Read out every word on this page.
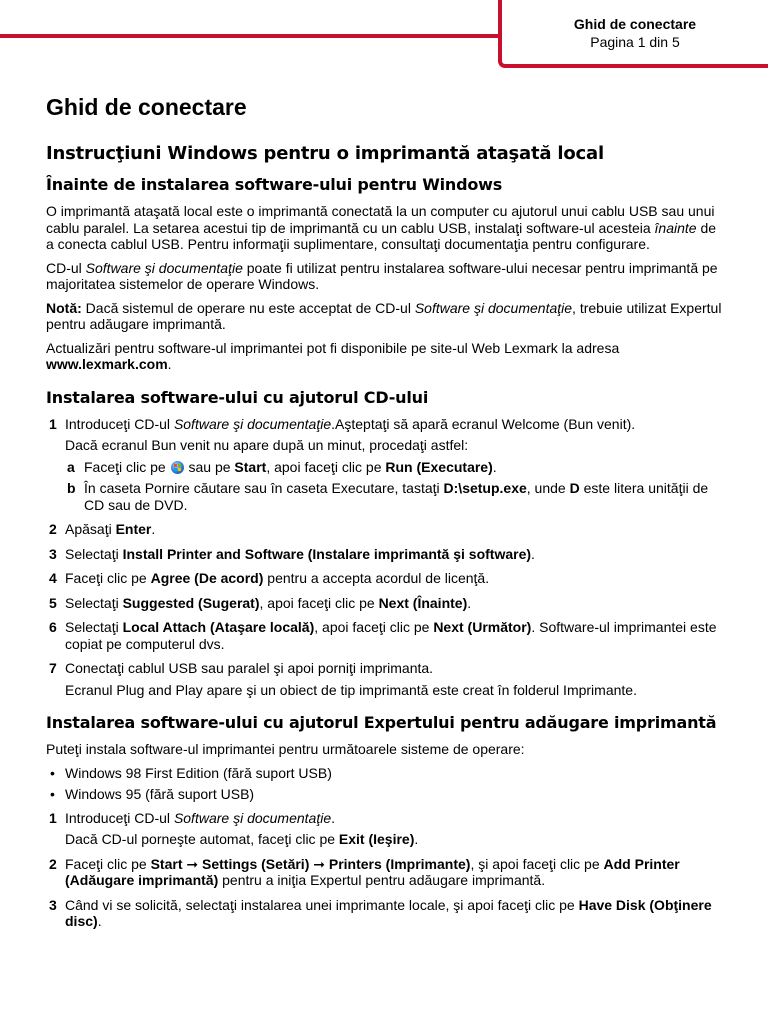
Ghid de conectare
Pagina 1 din 5
Ghid de conectare
Instrucţiuni Windows pentru o imprimantă ataşată local
Înainte de instalarea software-ului pentru Windows

O imprimantă ataşată local este o imprimantă conectată la un computer cu ajutorul unui cablu USB sau unui cablu paralel. La setarea acestui tip de imprimantă cu un cablu USB, instalaţi software-ul acesteia înainte de a conecta cablul USB. Pentru informaţii suplimentare, consultaţi documentaţia pentru configurare.

CD-ul Software şi documentaţie poate fi utilizat pentru instalarea software-ului necesar pentru imprimantă pe majoritatea sistemelor de operare Windows.

Notă: Dacă sistemul de operare nu este acceptat de CD-ul Software şi documentaţie, trebuie utilizat Expertul pentru adăugare imprimantă.

Actualizări pentru software-ul imprimantei pot fi disponibile pe site-ul Web Lexmark la adresa www.lexmark.com.

Instalarea software-ului cu ajutorul CD-ului
1 Introduceţi CD-ul Software şi documentaţie.Aşteptaţi să apară ecranul Welcome (Bun venit).
Dacă ecranul Bun venit nu apare după un minut, procedaţi astfel:
a Faceţi clic pe
sau pe Start, apoi faceţi clic pe Run (Executare).
b În caseta Pornire căutare sau în caseta Executare, tastaţi D:\setup.exe, unde D este litera unităţii de CD sau de DVD.
2 Apăsaţi Enter.
3 Selectaţi Install Printer and Software (Instalare imprimantă şi software).
4 Faceţi clic pe Agree (De acord) pentru a accepta acordul de licenţă.
5 Selectaţi Suggested (Sugerat), apoi faceţi clic pe Next (Înainte).
6 Selectaţi Local Attach (Ataşare locală), apoi faceţi clic pe Next (Următor). Software-ul imprimantei este copiat pe computerul dvs.
7 Conectaţi cablul USB sau paralel şi apoi porniţi imprimanta.
Ecranul Plug and Play apare şi un obiect de tip imprimantă este creat în folderul Imprimante.
Instalarea software-ului cu ajutorul Expertului pentru adăugare imprimantă

Puteţi instala software-ul imprimantei pentru următoarele sisteme de operare:

• Windows 98 First Edition (fără suport USB)
• Windows 95 (fără suport USB)
1 Introduceţi CD-ul Software şi documentaţie.
Dacă CD-ul porneşte automat, faceţi clic pe Exit (Ieşire).
2 Faceţi clic pe Start ➞ Settings (Setări) ➞ Printers (Imprimante), şi apoi faceţi clic pe Add Printer (Adăugare imprimantă) pentru a iniţia Expertul pentru adăugare imprimantă.
3 Când vi se solicită, selectaţi instalarea unei imprimante locale, şi apoi faceţi clic pe Have Disk (Obţinere disc).
